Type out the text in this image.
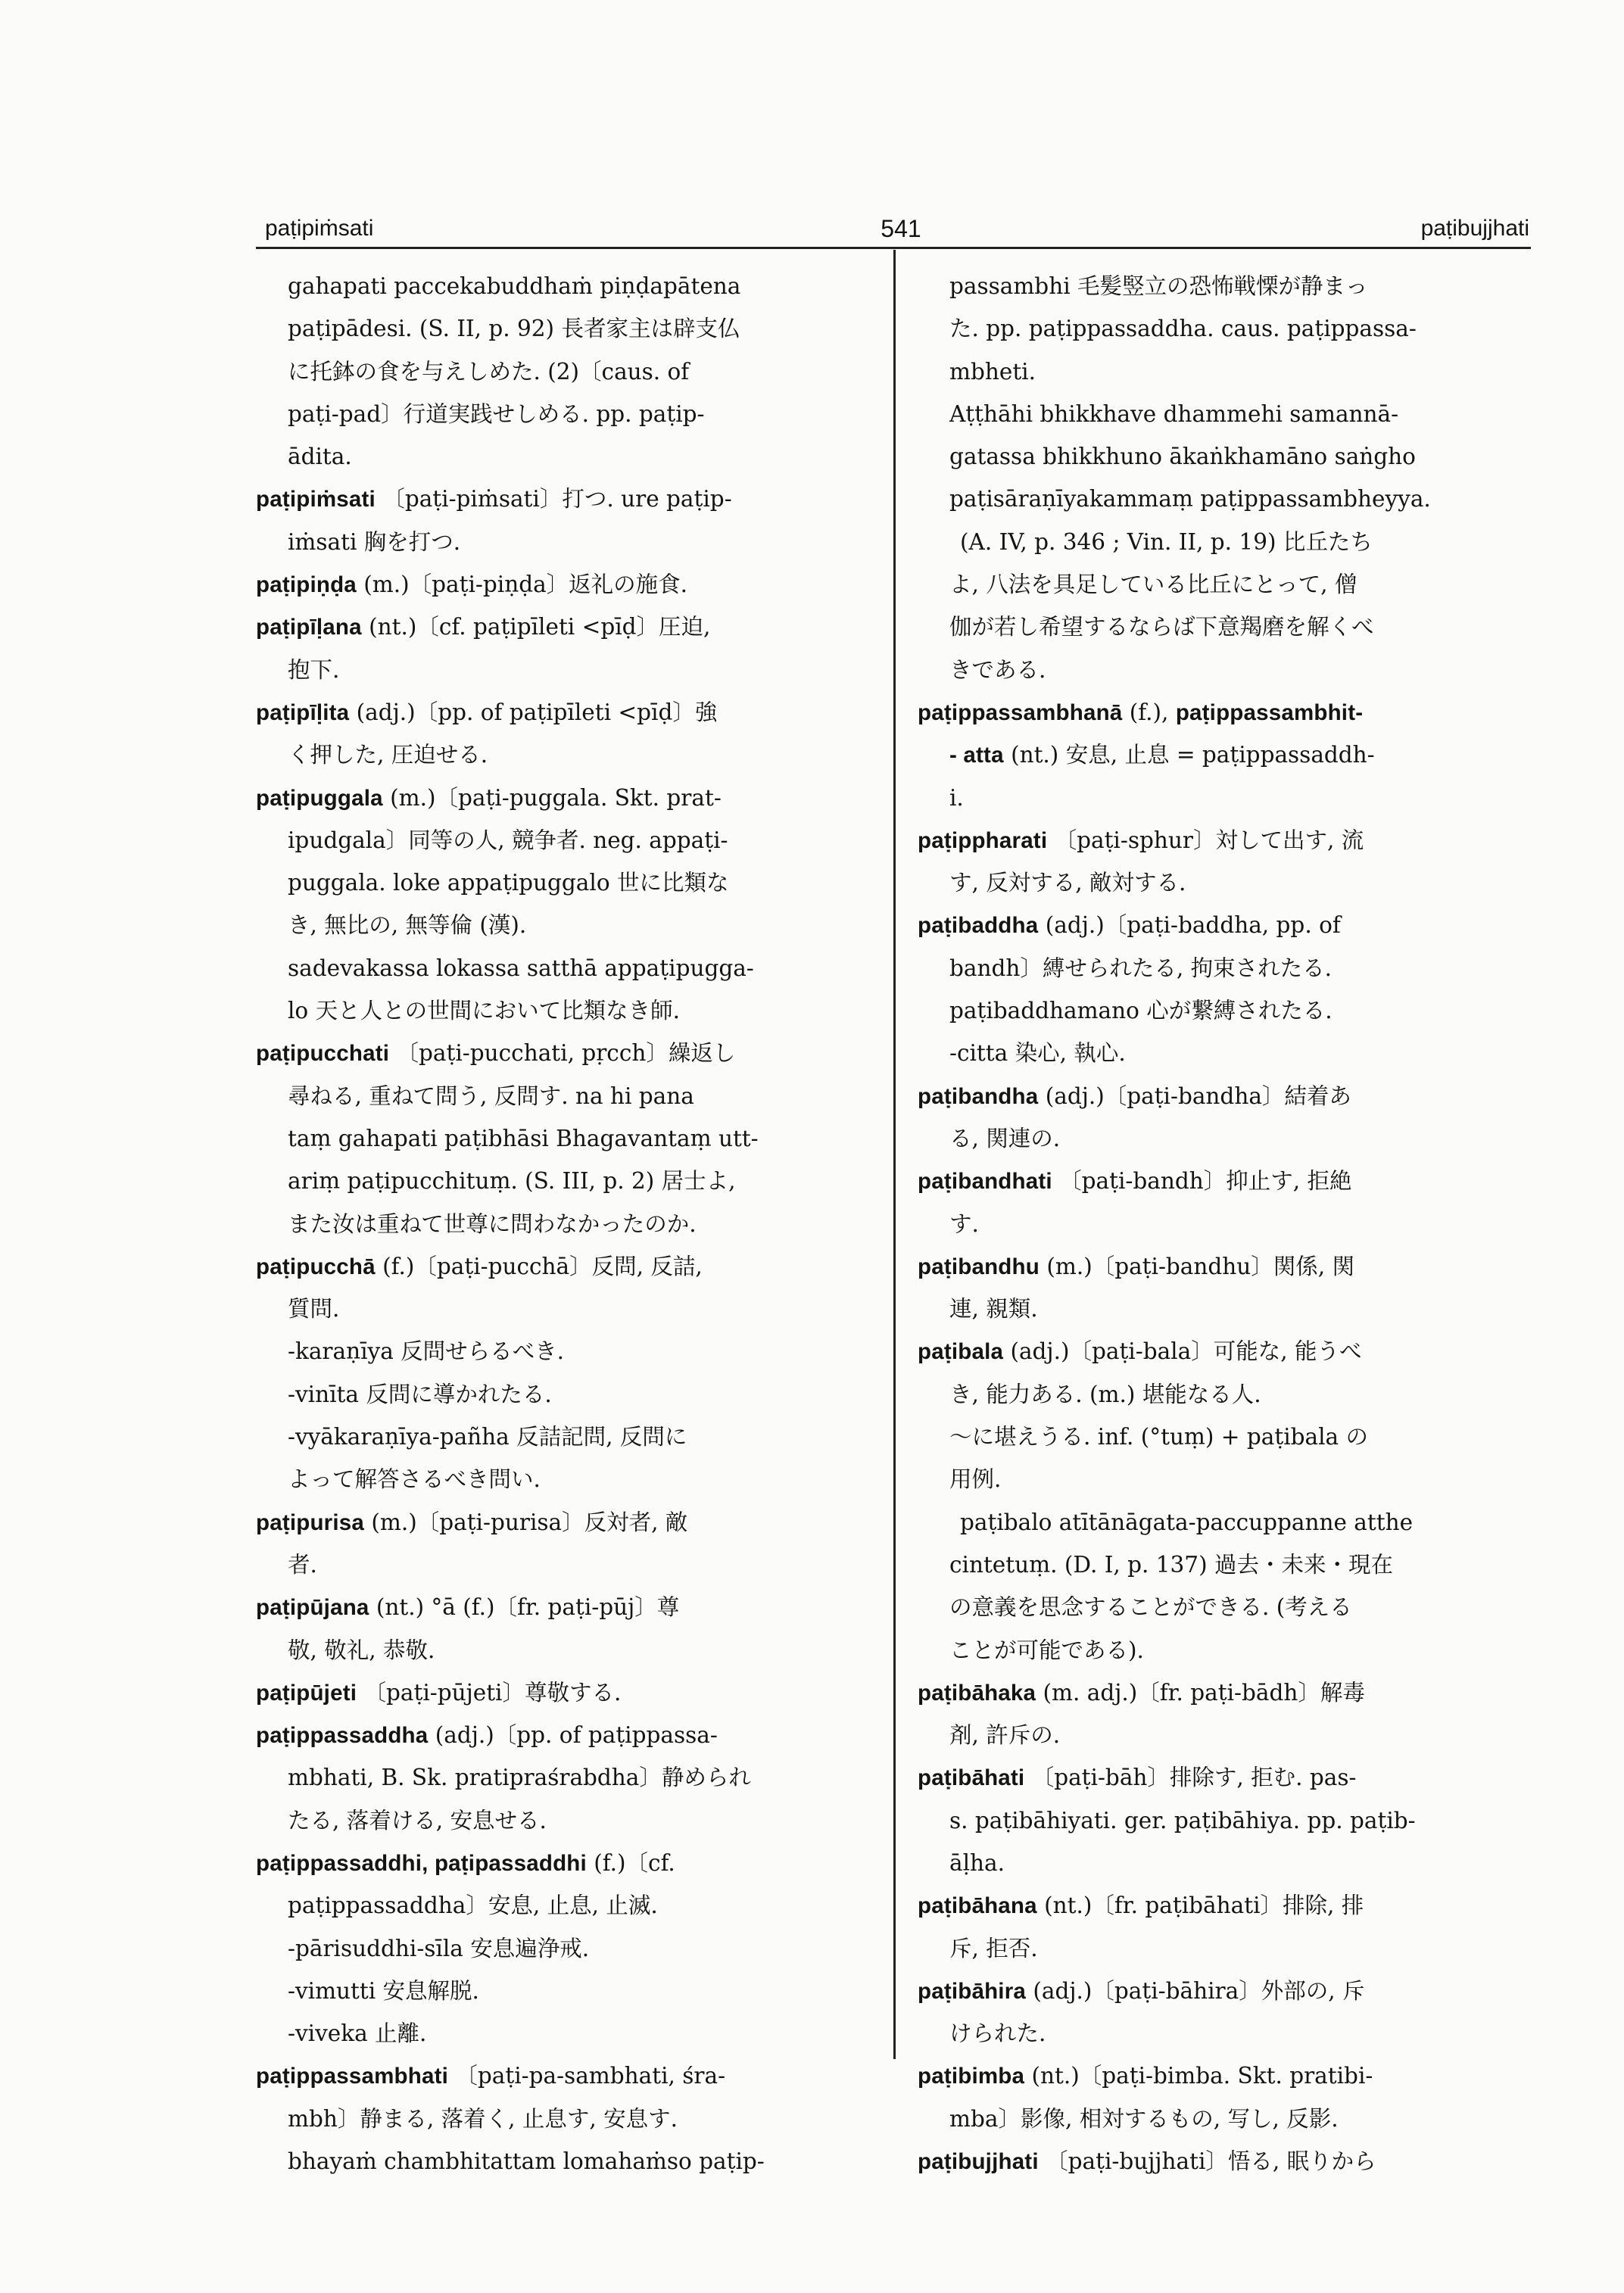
paṭipiṁsati	541	paṭibujjhati
gahapati paccekabuddhaṁ piṇḍapātena
paṭipādesi. (S. II, p. 92) 長者家主は辟支仏
に托鉢の食を与えしめた. (2)〔caus. of
paṭi-pad〕行道実践せしめる. pp. paṭip-
ādita.
paṭipiṁsati 〔paṭi-piṁsati〕打つ. ure paṭip-
iṁsati 胸を打つ.
paṭipiṇḍa (m.)〔paṭi-piṇḍa〕返礼の施食.
paṭipīḷana (nt.)〔cf. paṭipīleti <pīḍ〕圧迫,
抱下.
paṭipīḷita (adj.)〔pp. of paṭipīleti <pīḍ〕強
く押した, 圧迫せる.
paṭipuggala (m.)〔paṭi-puggala. Skt. prat-
ipudgala〕同等の人, 競争者. neg. appaṭi-
puggala. loke appaṭipuggalo 世に比類な
き, 無比の, 無等倫 (漢).
sadevakassa lokassa satthā appaṭipugga-
lo 天と人との世間において比類なき師.
paṭipucchati 〔paṭi-pucchati, pṛcch〕繰返し
尋ねる, 重ねて問う, 反問す. na hi pana
taṃ gahapati paṭibhāsi Bhagavantaṃ utt-
ariṃ paṭipucchituṃ. (S. III, p. 2) 居士よ,
また汝は重ねて世尊に問わなかったのか.
paṭipucchā (f.)〔paṭi-pucchā〕反問, 反詰,
質問.
-karaṇīya 反問せらるべき.
-vinīta 反問に導かれたる.
-vyākaraṇīya-pañha 反詰記問, 反問に
よって解答さるべき問い.
paṭipurisa (m.)〔paṭi-purisa〕反対者, 敵
者.
paṭipūjana (nt.) °ā (f.)〔fr. paṭi-pūj〕尊
敬, 敬礼, 恭敬.
paṭipūjeti 〔paṭi-pūjeti〕尊敬する.
paṭippassaddha (adj.)〔pp. of paṭippassa-
mbhati, B. Sk. pratipraśrabdha〕静められ
たる, 落着ける, 安息せる.
paṭippassaddhi, paṭipassaddhi (f.)〔cf.
paṭippassaddha〕安息, 止息, 止滅.
-pārisuddhi-sīla 安息遍浄戒.
-vimutti 安息解脱.
-viveka 止離.
paṭippassambhati 〔paṭi-pa-sambhati, śra-
mbh〕静まる, 落着く, 止息す, 安息す.
bhayaṁ chambhitattam lomahaṁso paṭip-
passambhi 毛髪竪立の恐怖戦慄が静まっ
た. pp. paṭippassaddha. caus. paṭippassa-
mbheti.
Aṭṭhāhi bhikkhave dhammehi samannā-
gatassa bhikkhuno ākaṅkhamāno saṅgho
paṭisāraṇīyakammaṃ paṭippassambheyya.
(A. IV, p. 346 ; Vin. II, p. 19) 比丘たち
よ, 八法を具足している比丘にとって, 僧
伽が若し希望するならば下意羯磨を解くべ
きである.
paṭippassambhanā (f.), paṭippassambhit-
- atta (nt.) 安息, 止息 = paṭippassaddh-
i.
paṭippharati 〔paṭi-sphur〕対して出す, 流
す, 反対する, 敵対する.
paṭibaddha (adj.)〔paṭi-baddha, pp. of
bandh〕縛せられたる, 拘束されたる.
paṭibaddhamano 心が繋縛されたる.
-citta 染心, 執心.
paṭibandha (adj.)〔paṭi-bandha〕結着あ
る, 関連の.
paṭibandhati 〔paṭi-bandh〕抑止す, 拒絶
す.
paṭibandhu (m.)〔paṭi-bandhu〕関係, 関
連, 親類.
paṭibala (adj.)〔paṭi-bala〕可能な, 能うべ
き, 能力ある. (m.) 堪能なる人.
〜に堪えうる. inf. (°tuṃ) + paṭibala の
用例.
paṭibalo atītānāgata-paccuppanne atthe
cintetuṃ. (D. I, p. 137) 過去・未来・現在
の意義を思念することができる. (考える
ことが可能である).
paṭibāhaka (m. adj.)〔fr. paṭi-bādh〕解毒
剤, 許斥の.
paṭibāhati 〔paṭi-bāh〕排除す, 拒む. pas-
s. paṭibāhiyati. ger. paṭibāhiya. pp. paṭib-
āḷha.
paṭibāhana (nt.)〔fr. paṭibāhati〕排除, 排
斥, 拒否.
paṭibāhira (adj.)〔paṭi-bāhira〕外部の, 斥
けられた.
paṭibimba (nt.)〔paṭi-bimba. Skt. pratibi-
mba〕影像, 相対するもの, 写し, 反影.
paṭibujjhati 〔paṭi-bujjhati〕悟る, 眠りから
